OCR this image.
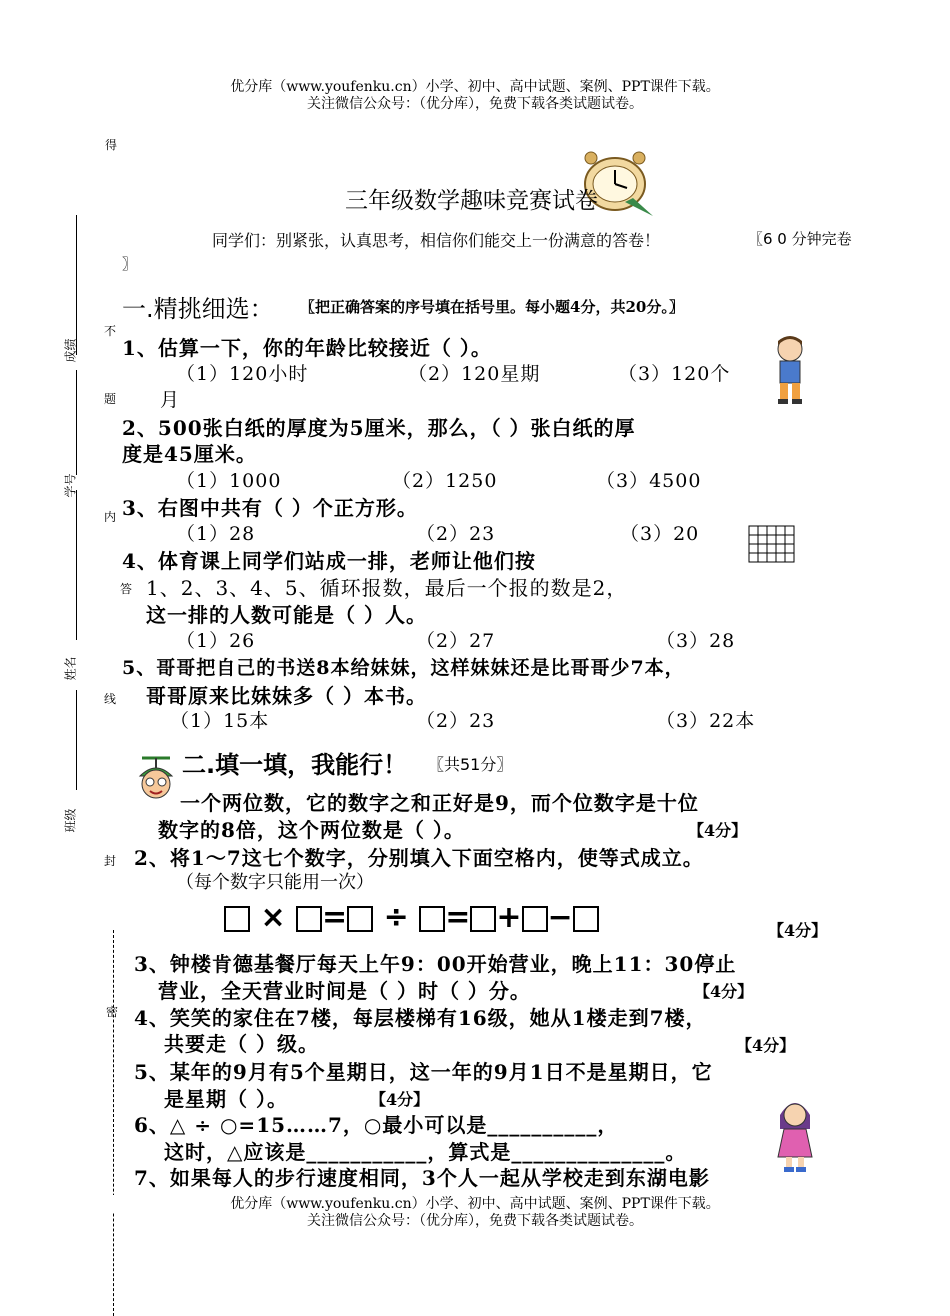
优分库（www.youfenku.cn）小学、初中、高中试题、案例、PPT课件下载。
关注微信公众号：（优分库），免费下载各类试题试卷。
得
成绩
学号
姓名
班级
不
题
内
答
线
封
密
三年级数学趣味竞赛试卷
同学们：别紧张，认真思考，相信你们能交上一份满意的答卷！	〖6 0 分钟完卷
〗
一.精挑细选： 〖把正确答案的序号填在括号里。每小题4分，共20分。〗
1、估算一下，你的年龄比较接近（ ）。
（1）120小时	（2）120星期	（3）120个
月
2、500张白纸的厚度为5厘米，那么，（ ）张白纸的厚
度是45厘米。
（1）1000	（2）1250	（3）4500
3、右图中共有（ ）个正方形。
（1）28	（2）23	（3）20
4、体育课上同学们站成一排，老师让他们按
1、2、3、4、5、循环报数，最后一个报的数是2，
这一排的人数可能是（ ）人。
（1）26	（2）27	（3）28
5、哥哥把自己的书送8本给妹妹，这样妹妹还是比哥哥少7本，
哥哥原来比妹妹多（ ）本书。
（1）15本	（2）23	（3）22本
二.填一填，我能行！ 〖共51分〗
一个两位数，它的数字之和正好是9，而个位数字是十位
数字的8倍，这个两位数是（ ）。	【4分】
2、将1～7这七个数字，分别填入下面空格内，使等式成立。
（每个数字只能用一次）
× = ÷ = + −	【4分】
3、钟楼肯德基餐厅每天上午9：00开始营业，晚上11：30停止
营业，全天营业时间是（ ）时（ ）分。	【4分】
4、笑笑的家住在7楼，每层楼梯有16级，她从1楼走到7楼，
共要走（ ）级。	【4分】
5、某年的9月有5个星期日，这一年的9月1日不是星期日，它
是星期（ ）。	【4分】
6、△ ÷ ○=15……7，○最小可以是__________，
这时，△应该是___________，算式是______________。
7、如果每人的步行速度相同，3个人一起从学校走到东湖电影
优分库（www.youfenku.cn）小学、初中、高中试题、案例、PPT课件下载。
关注微信公众号：（优分库），免费下载各类试题试卷。
